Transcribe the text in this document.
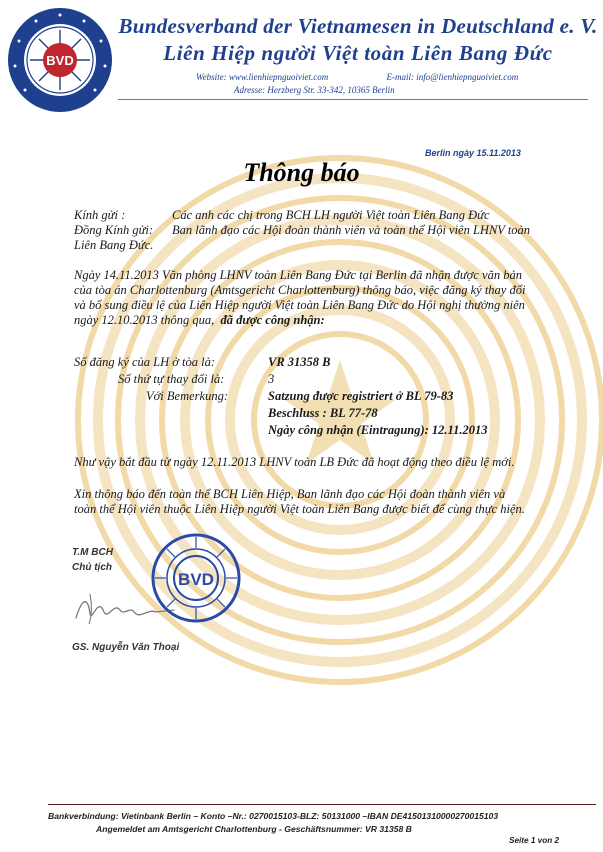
BVD
Bundesverband der Vietnamesen in Deutschland e. V.
Liên Hiệp người Việt toàn Liên Bang Đức
Website: www.lienhiepnguoiviet.com	E-mail: info@lienhiepnguoiviet.com
Adresse: Herzberg Str. 33-342, 10365 Berlin
Berlin ngày 15.11.2013
Thông báo
Kính gửi :	Các anh các chị trong BCH LH người Việt toàn Liên Bang Đức
Đồng Kính gửi: Ban lãnh đạo các Hội đoàn thành viên và toàn thể Hội viên LHNV toàn
Liên Bang Đức.
Ngày 14.11.2013 Văn phòng LHNV toàn Liên Bang Đức tại Berlin đã nhận được văn bản
của tòa án Charlottenburg (Amtsgericht Charlottenburg) thông báo, việc đăng ký thay đổi
và bổ sung điều lệ của Liên Hiệp người Việt toàn Liên Bang Đức do Hội nghị thường niên
ngày 12.10.2013 thông qua, đã được công nhận:
Số đăng ký của LH ở tòa là:	VR 31358 B
Số thứ tự thay đổi là:	3
Với Bemerkung:	Satzung được registriert ở BL 79-83
Beschluss : BL 77-78
Ngày công nhận (Eintragung): 12.11.2013
Như vậy bắt đầu từ ngày 12.11.2013 LHNV toàn LB Đức đã hoạt động theo điều lệ mới.
Xin thông báo đến toàn thể BCH Liên Hiệp, Ban lãnh đạo các Hội đoàn thành viên và
toàn thể Hội viên thuộc Liên Hiệp người Việt toàn Liên Bang được biết để cùng thực hiện.
T.M BCH
Chủ tịch
BVD
GS. Nguyễn Văn Thoại
Bankverbindung: Vietinbank Berlin – Konto –Nr.: 0270015103-BLZ: 50131000 –IBAN DE41501310000270015103
Angemeldet am Amtsgericht Charlottenburg - Geschäftsnummer: VR 31358 B
Seite 1 von 2
